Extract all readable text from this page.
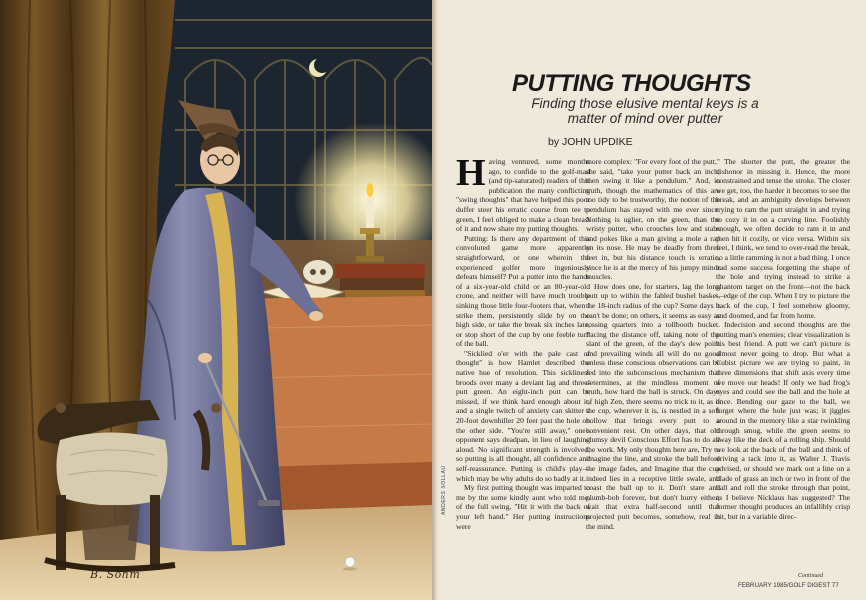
B. Sohm
ANDERS SOLLAU
PUTTING THOUGHTS
Finding those elusive mental keys is a matter of mind over putter
by JOHN UPDIKE

Having ventured, some months ago, to confide to the golf-mad (and tip-saturated) readers of this publication the many conflicting "swing thoughts" that have helped this poor duffer steer his erratic course from tee to green, I feel obliged to make a clean breast of it and now share my putting thoughts.

Putting: Is there any department of this convoluted game more apparently straightforward, or one wherein the experienced golfer more ingeniously defeats himself? Put a putter into the hands of a six-year-old child or an 80-year-old crone, and neither will have much trouble sinking those little four-footers that, when I strike them, persistently slide by on the high side, or take the break six inches late, or stop short of the cup by one feeble turn of the ball.

"Sicklied o'er with the pale cast of thought" is how Hamlet described the native hue of resolution. This sickliness broods over many a deviant lag and three-putt green. An eight-inch putt can be missed, if we think hard enough about it, and a single twitch of anxiety can skitter a 20-foot downhiller 20 feet past the hole on the other side. "You're still away," one's opponent says deadpan, in lieu of laughing aloud. No significant strength is involved, so putting is all thought, all confidence and self-reassurance. Putting is child's play—which may be why adults do so badly at it.

My first putting thought was imparted to me by the some kindly aunt who told me, of the full swing, "Hit it with the back of your left hand." Her putting instructions were

more complex: "For every foot of the putt," she said, "take your putter back an inch; then swing it like a pendulum." And, in truth, though the mathematics of this are too tidy to be trustworthy, the notion of the pendulum has stayed with me ever since. Nothing is uglier, on the green, than the wristy putter, who crouches low and stabs and pokes like a man giving a mole a rap on its nose. He may be deadly from three feet in, but his distance touch is erratic, since he is at the mercy of his jumpy minor muscles.

How does one, for starters, lag the long putt up to within the fabled bushel basket, the 18-inch radius of the cup? Some days it can't be done; on others, it seems as easy as tossing quarters into a tollbooth bucket. Pacing the distance off, taking note of the slant of the green, of the day's dew point and prevailing winds all will do no good unless these conscious observations can be fed into the subconscious mechanism that determines, at the mindless moment of truth, how hard the ball is struck. On days of high Zen, there seems no trick to it, as if the cup, wherever it is, is nestled in a soft hollow that brings every putt to a convenient rest. On other days, that old clumsy devil Conscious Effort has to do all the work. My only thoughts here are, Try to imagine the line, and stroke the ball before the image fades, and Imagine that the cup indeed lies in a receptive little swale, and coast the ball up to it. Don't stare and plumb-bob forever, but don't hurry either; wait that extra half-second until that projected putt becomes, somehow, real in the mind.

The shorter the putt, the greater the dishonor in missing it. Hence, the more constrained and tense the stroke. The closer we get, too, the harder it becomes to see the break, and an ambiguity develops between trying to ram the putt straight in and trying to cozy it in on a curving line. Foolishly enough, we often decide to ram it in and then hit it cozily, or vice versa. Within six feet, I think, we tend to over-read the break, so a little ramming is not a bad thing. I once had some success forgetting the shape of the hole and trying instead to strike a phantom target on the front—not the back—edge of the cup. When I try to picture the back of the cup, I feel somehow gloomy, and doomed, and far from home.

Indecision and second thoughts are the putting man's enemies; clear visualization is his best friend. A putt we can't picture is almost never going to drop. But what a Cubist picture we are trying to paint, in three dimensions that shift axis every time we move our heads! If only we had frog's eyes and could see the ball and the hole at once. Bending our gaze to the ball, we forget where the hole just was; it jiggles around in the memory like a star twinkling through smog, while the green seems to sway like the deck of a rolling ship. Should we look at the back of the ball and think of driving a tack into it, as Walter J. Travis advised, or should we mark out a line on a blade of grass an inch or two in front of the ball and roll the stroke through that point, as I believe Nicklaus has suggested? The former thought produces an infallibly crisp hit, but in a variable direc-

Continued
FEBRUARY 1985/GOLF DIGEST 77
